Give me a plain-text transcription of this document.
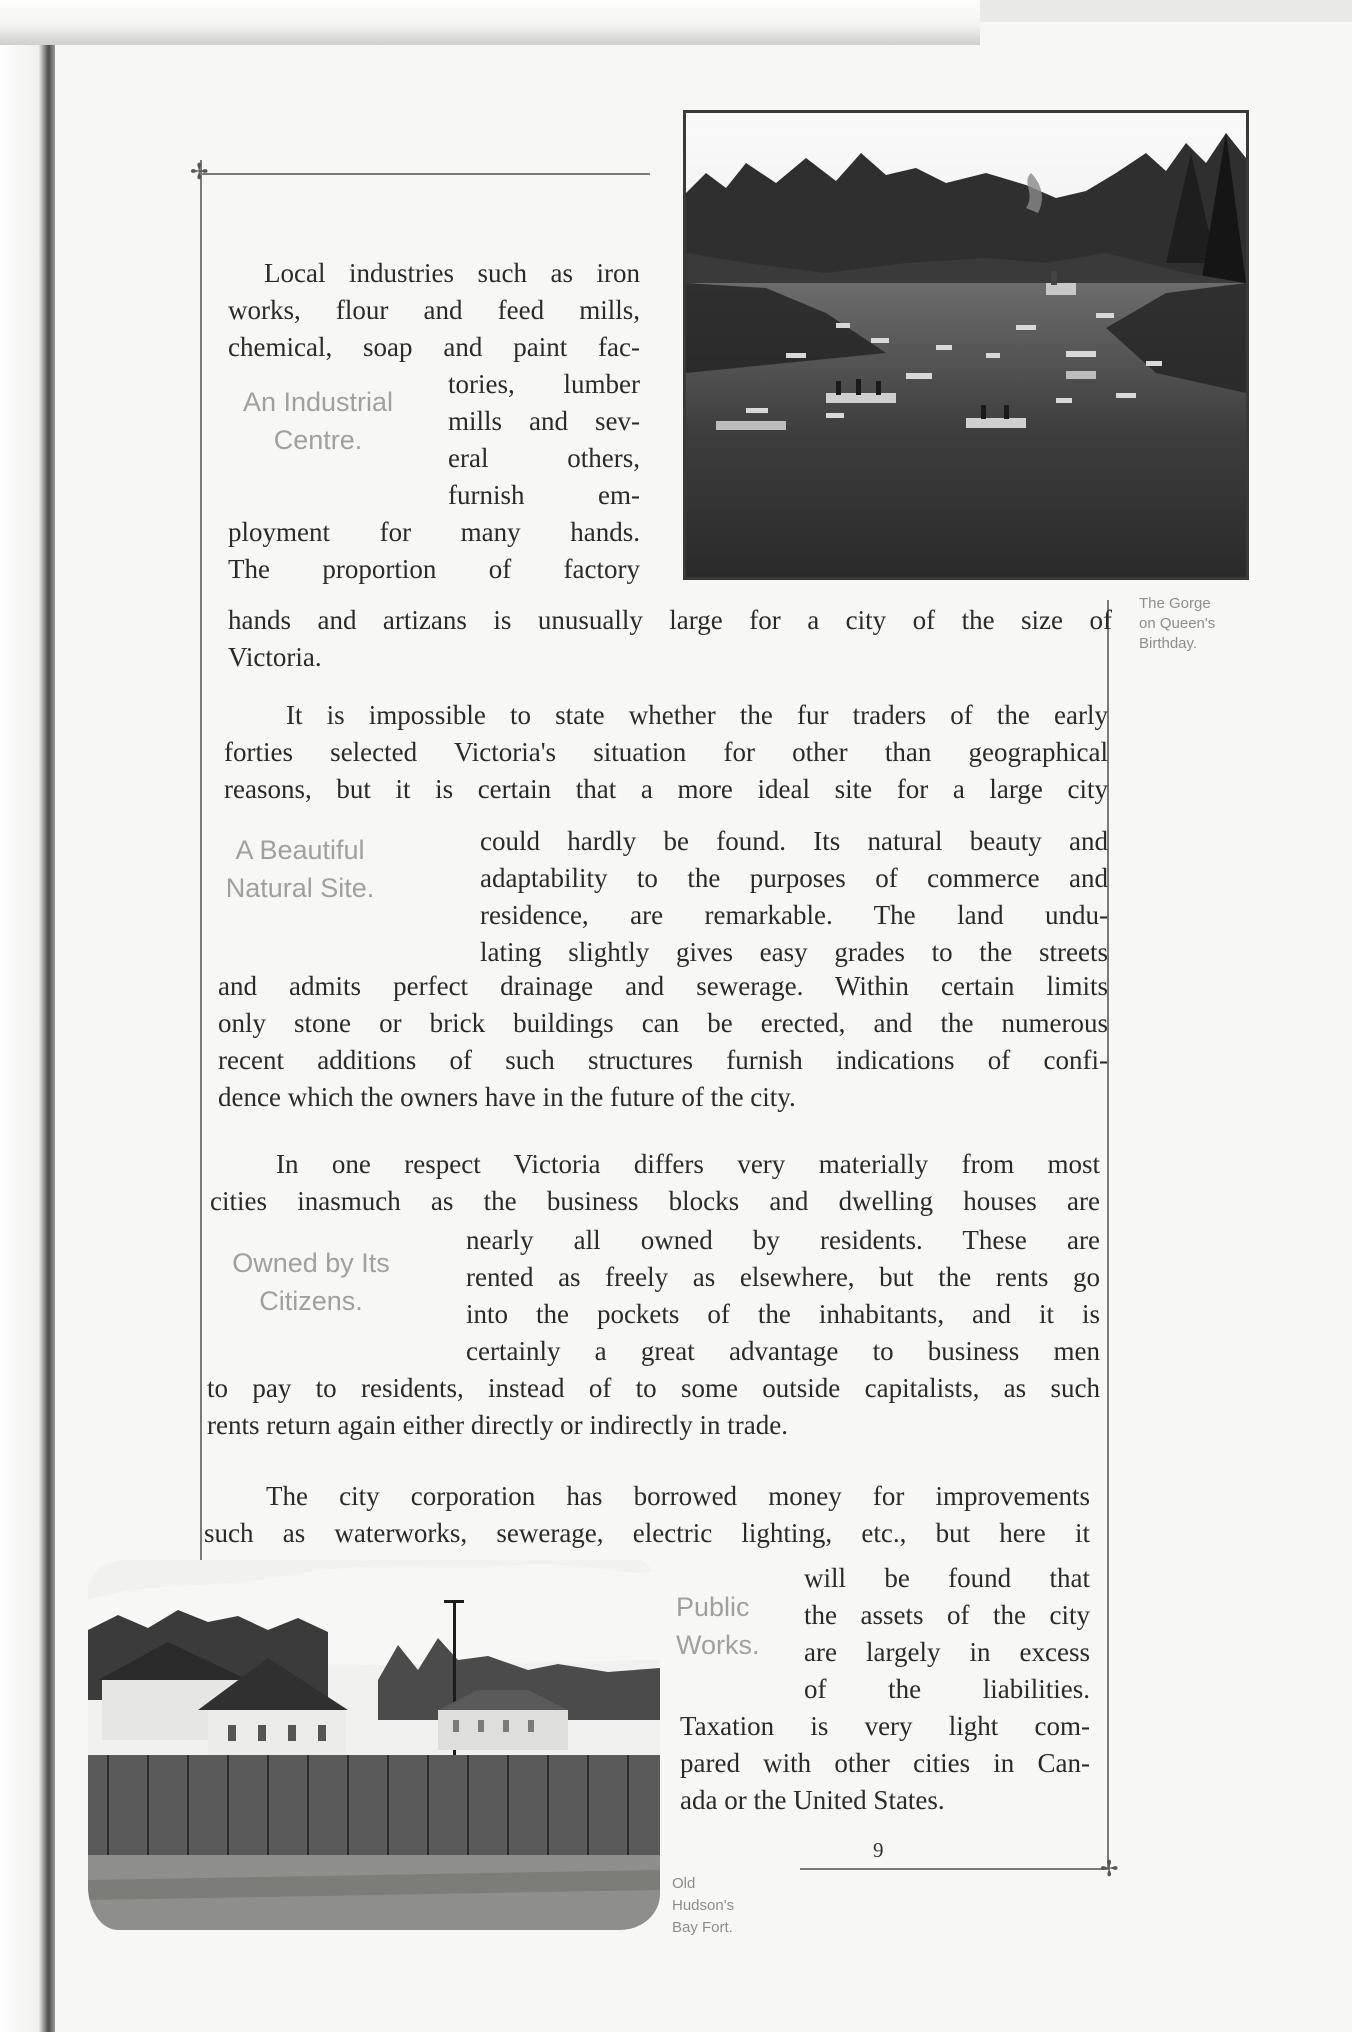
✢
✢
The Gorge
on Queen's
Birthday.
Old
Hudson's
Bay Fort.
An Industrial
Centre.
Local industries such as iron
works, flour and feed mills,
chemical, soap and paint fac-
tories, lumber
mills and sev-
eral others,
furnish em-
ployment for many hands.
The proportion of factory
hands and artizans is unusually large for a city of the size of
Victoria.
A Beautiful
Natural Site.
It is impossible to state whether the fur traders of the early
forties selected Victoria's situation for other than geographical
reasons, but it is certain that a more ideal site for a large city
could hardly be found. Its natural beauty and
adaptability to the purposes of commerce and
residence, are remarkable. The land undu-
lating slightly gives easy grades to the streets
and admits perfect drainage and sewerage. Within certain limits
only stone or brick buildings can be erected, and the numerous
recent additions of such structures furnish indications of confi-
dence which the owners have in the future of the city.
Owned by Its
Citizens.
In one respect Victoria differs very materially from most
cities inasmuch as the business blocks and dwelling houses are
nearly all owned by residents. These are
rented as freely as elsewhere, but the rents go
into the pockets of the inhabitants, and it is
certainly a great advantage to business men
to pay to residents, instead of to some outside capitalists, as such
rents return again either directly or indirectly in trade.
The city corporation has borrowed money for improvements
such as waterworks, sewerage, electric lighting, etc., but here it
Public
Works.
will be found that
the assets of the city
are largely in excess
of the liabilities.
Taxation is very light com-
pared with other cities in Can-
ada or the United States.
9
